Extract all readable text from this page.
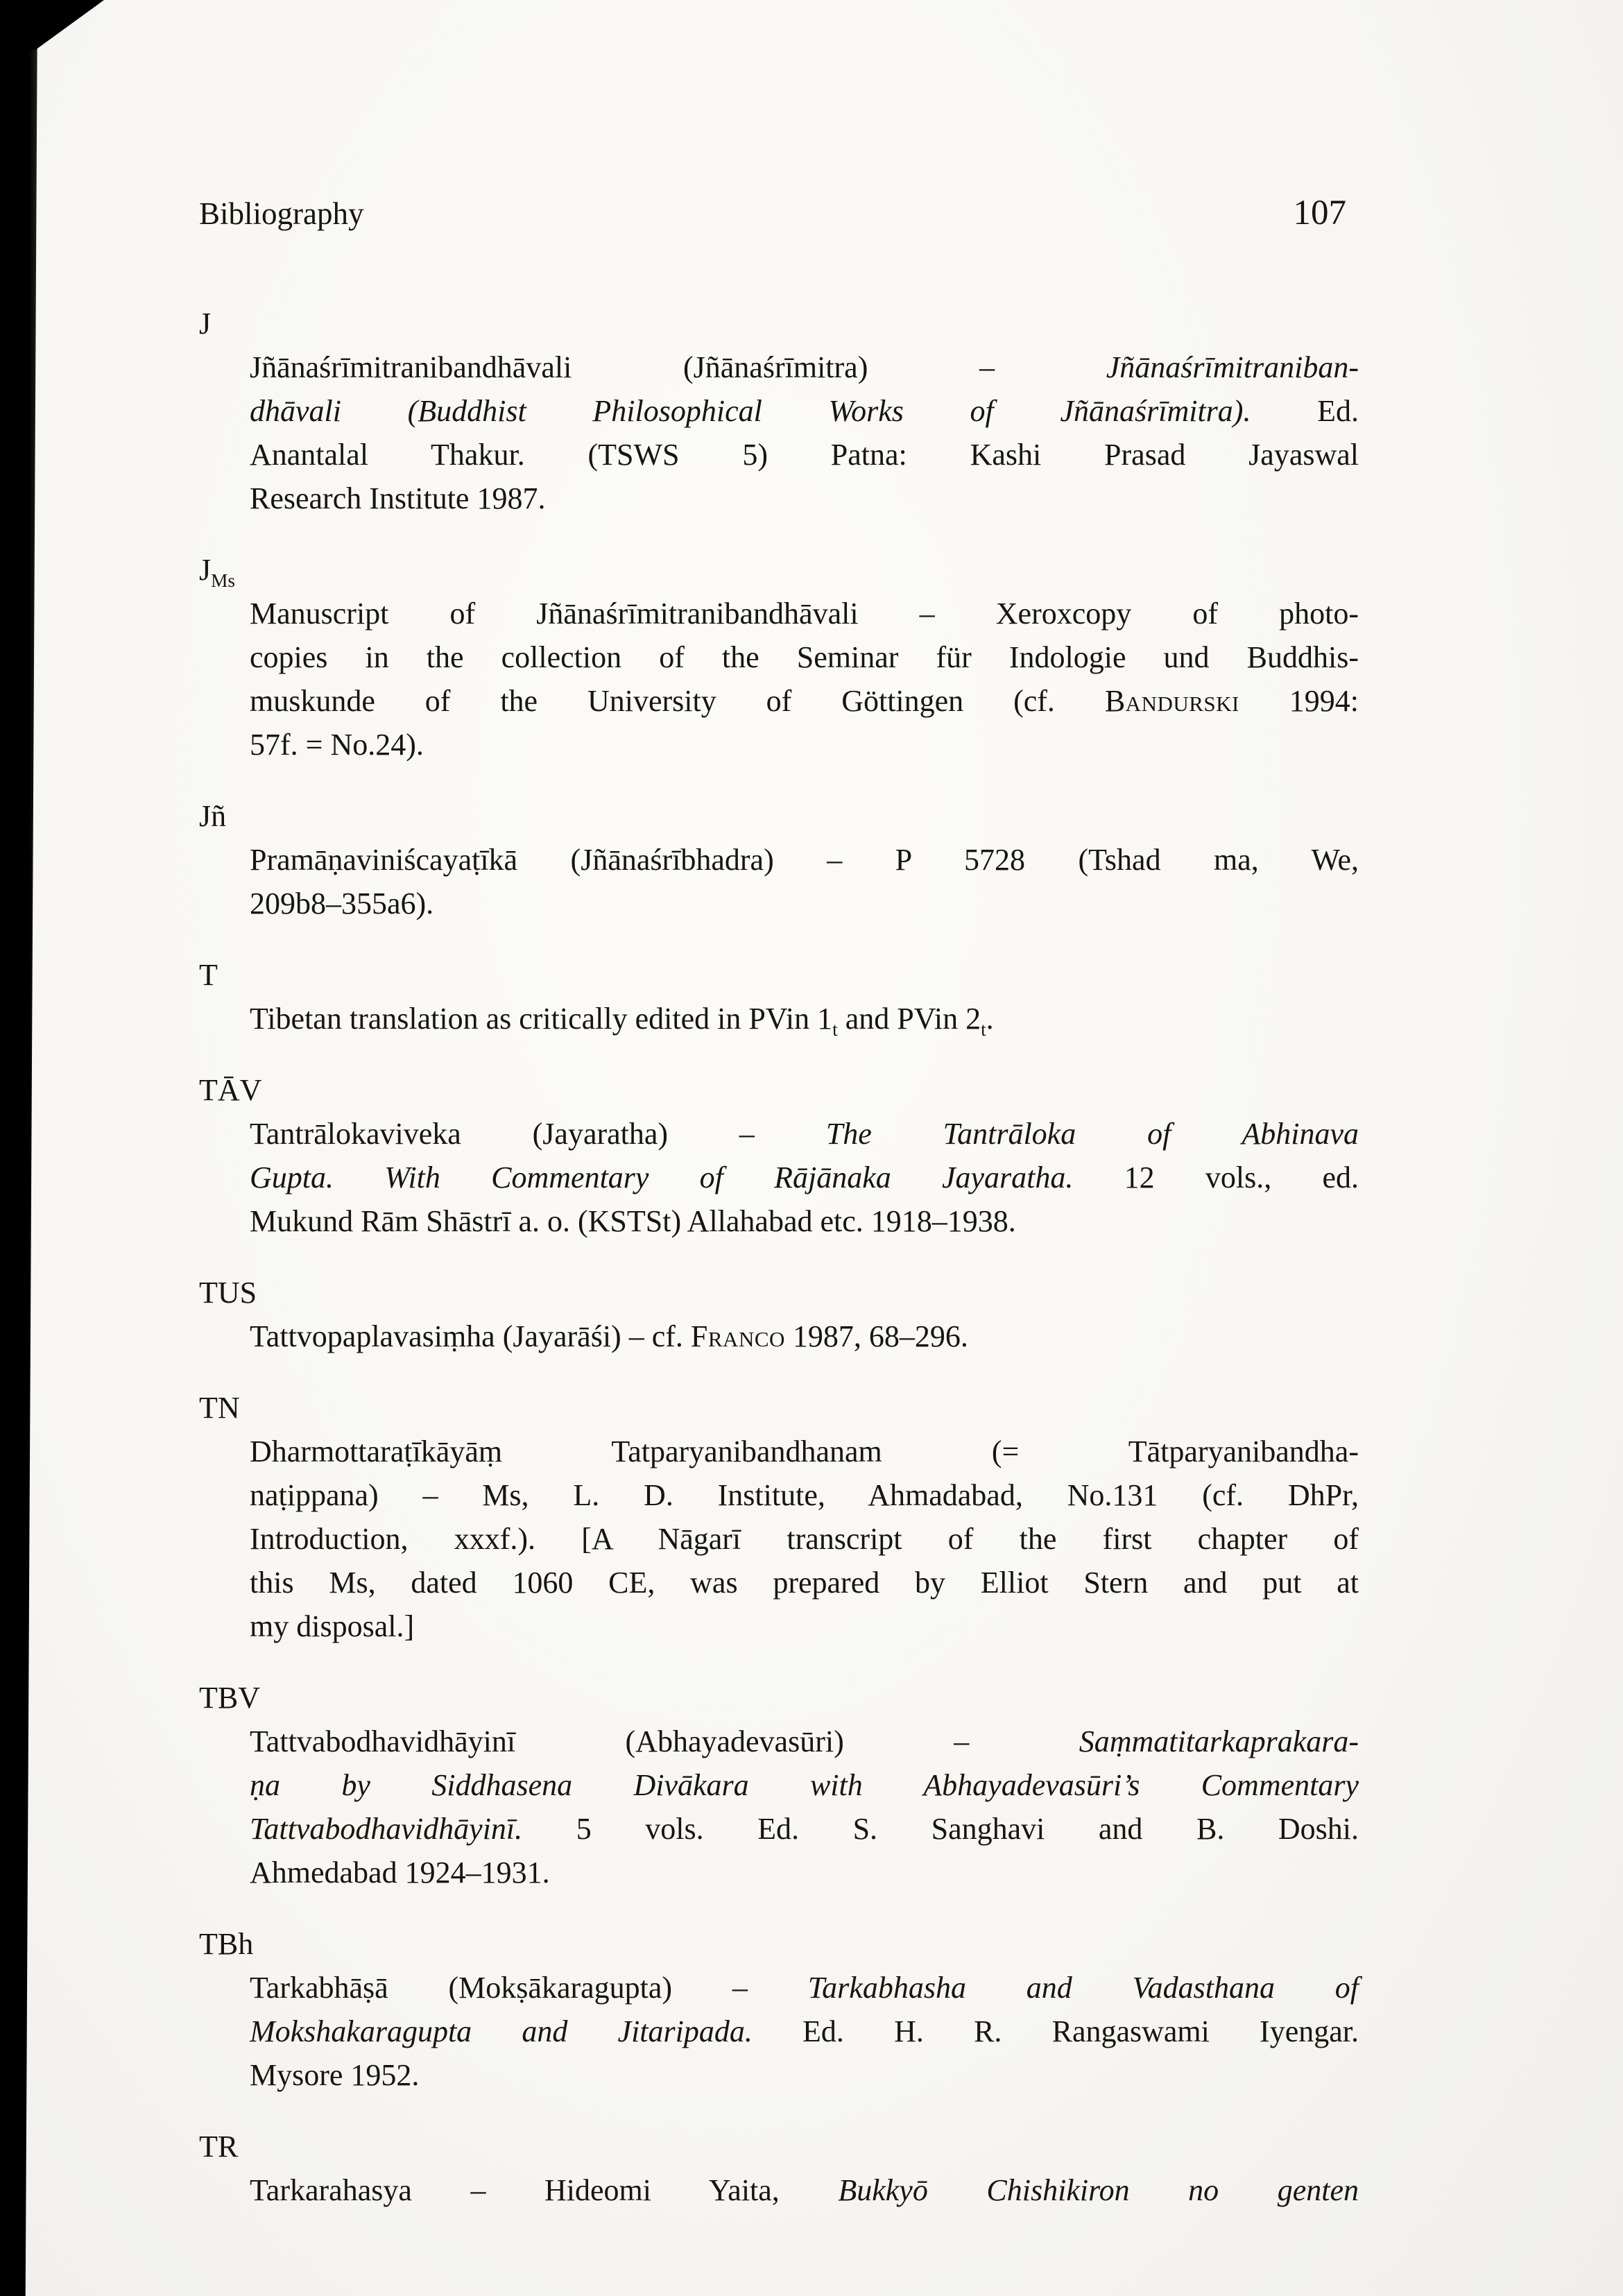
Bibliography	107
J
Jñānaśrīmitranibandhāvali (Jñānaśrīmitra) – Jñānaśrīmitraniban-
dhāvali (Buddhist Philosophical Works of Jñānaśrīmitra). Ed.
Anantalal Thakur. (TSWS 5) Patna: Kashi Prasad Jayaswal
Research Institute 1987.
$J_{Ms}$
Manuscript of Jñānaśrīmitranibandhāvali – Xeroxcopy of photo-
copies in the collection of the Seminar für Indologie und Buddhis-
muskunde of the University of Göttingen (cf. Bandurski 1994:
57f. = No.24).
Jñ
Pramāṇaviniścayaṭīkā (Jñānaśrībhadra) – P 5728 (Tshad ma, We,
209b8–355a6).
T
Tibetan translation as critically edited in PVin $1_t$ and PVin $2_t$.
TĀV
Tantrālokaviveka (Jayaratha) – The Tantrāloka of Abhinava
Gupta. With Commentary of Rājānaka Jayaratha. 12 vols., ed.
Mukund Rām Shāstrī a. o. (KSTSt) Allahabad etc. 1918–1938.
TUS
Tattvopaplavasiṃha (Jayarāśi) – cf. Franco 1987, 68–296.
TN
Dharmottaraṭīkāyāṃ Tatparyanibandhanam (= Tātparyanibandha-
naṭippana) – Ms, L. D. Institute, Ahmadabad, No.131 (cf. DhPr,
Introduction, xxxf.). [A Nāgarī transcript of the first chapter of
this Ms, dated 1060 CE, was prepared by Elliot Stern and put at
my disposal.]
TBV
Tattvabodhavidhāyinī (Abhayadevasūri) – Saṃmatitarkaprakara-
ṇa by Siddhasena Divākara with Abhayadevasūri’s Commentary
Tattvabodhavidhāyinī. 5 vols. Ed. S. Sanghavi and B. Doshi.
Ahmedabad 1924–1931.
TBh
Tarkabhāṣā (Mokṣākaragupta) – Tarkabhasha and Vadasthana of
Mokshakaragupta and Jitaripada. Ed. H. R. Rangaswami Iyengar.
Mysore 1952.
TR
Tarkarahasya – Hideomi Yaita, Bukkyō Chishikiron no genten
